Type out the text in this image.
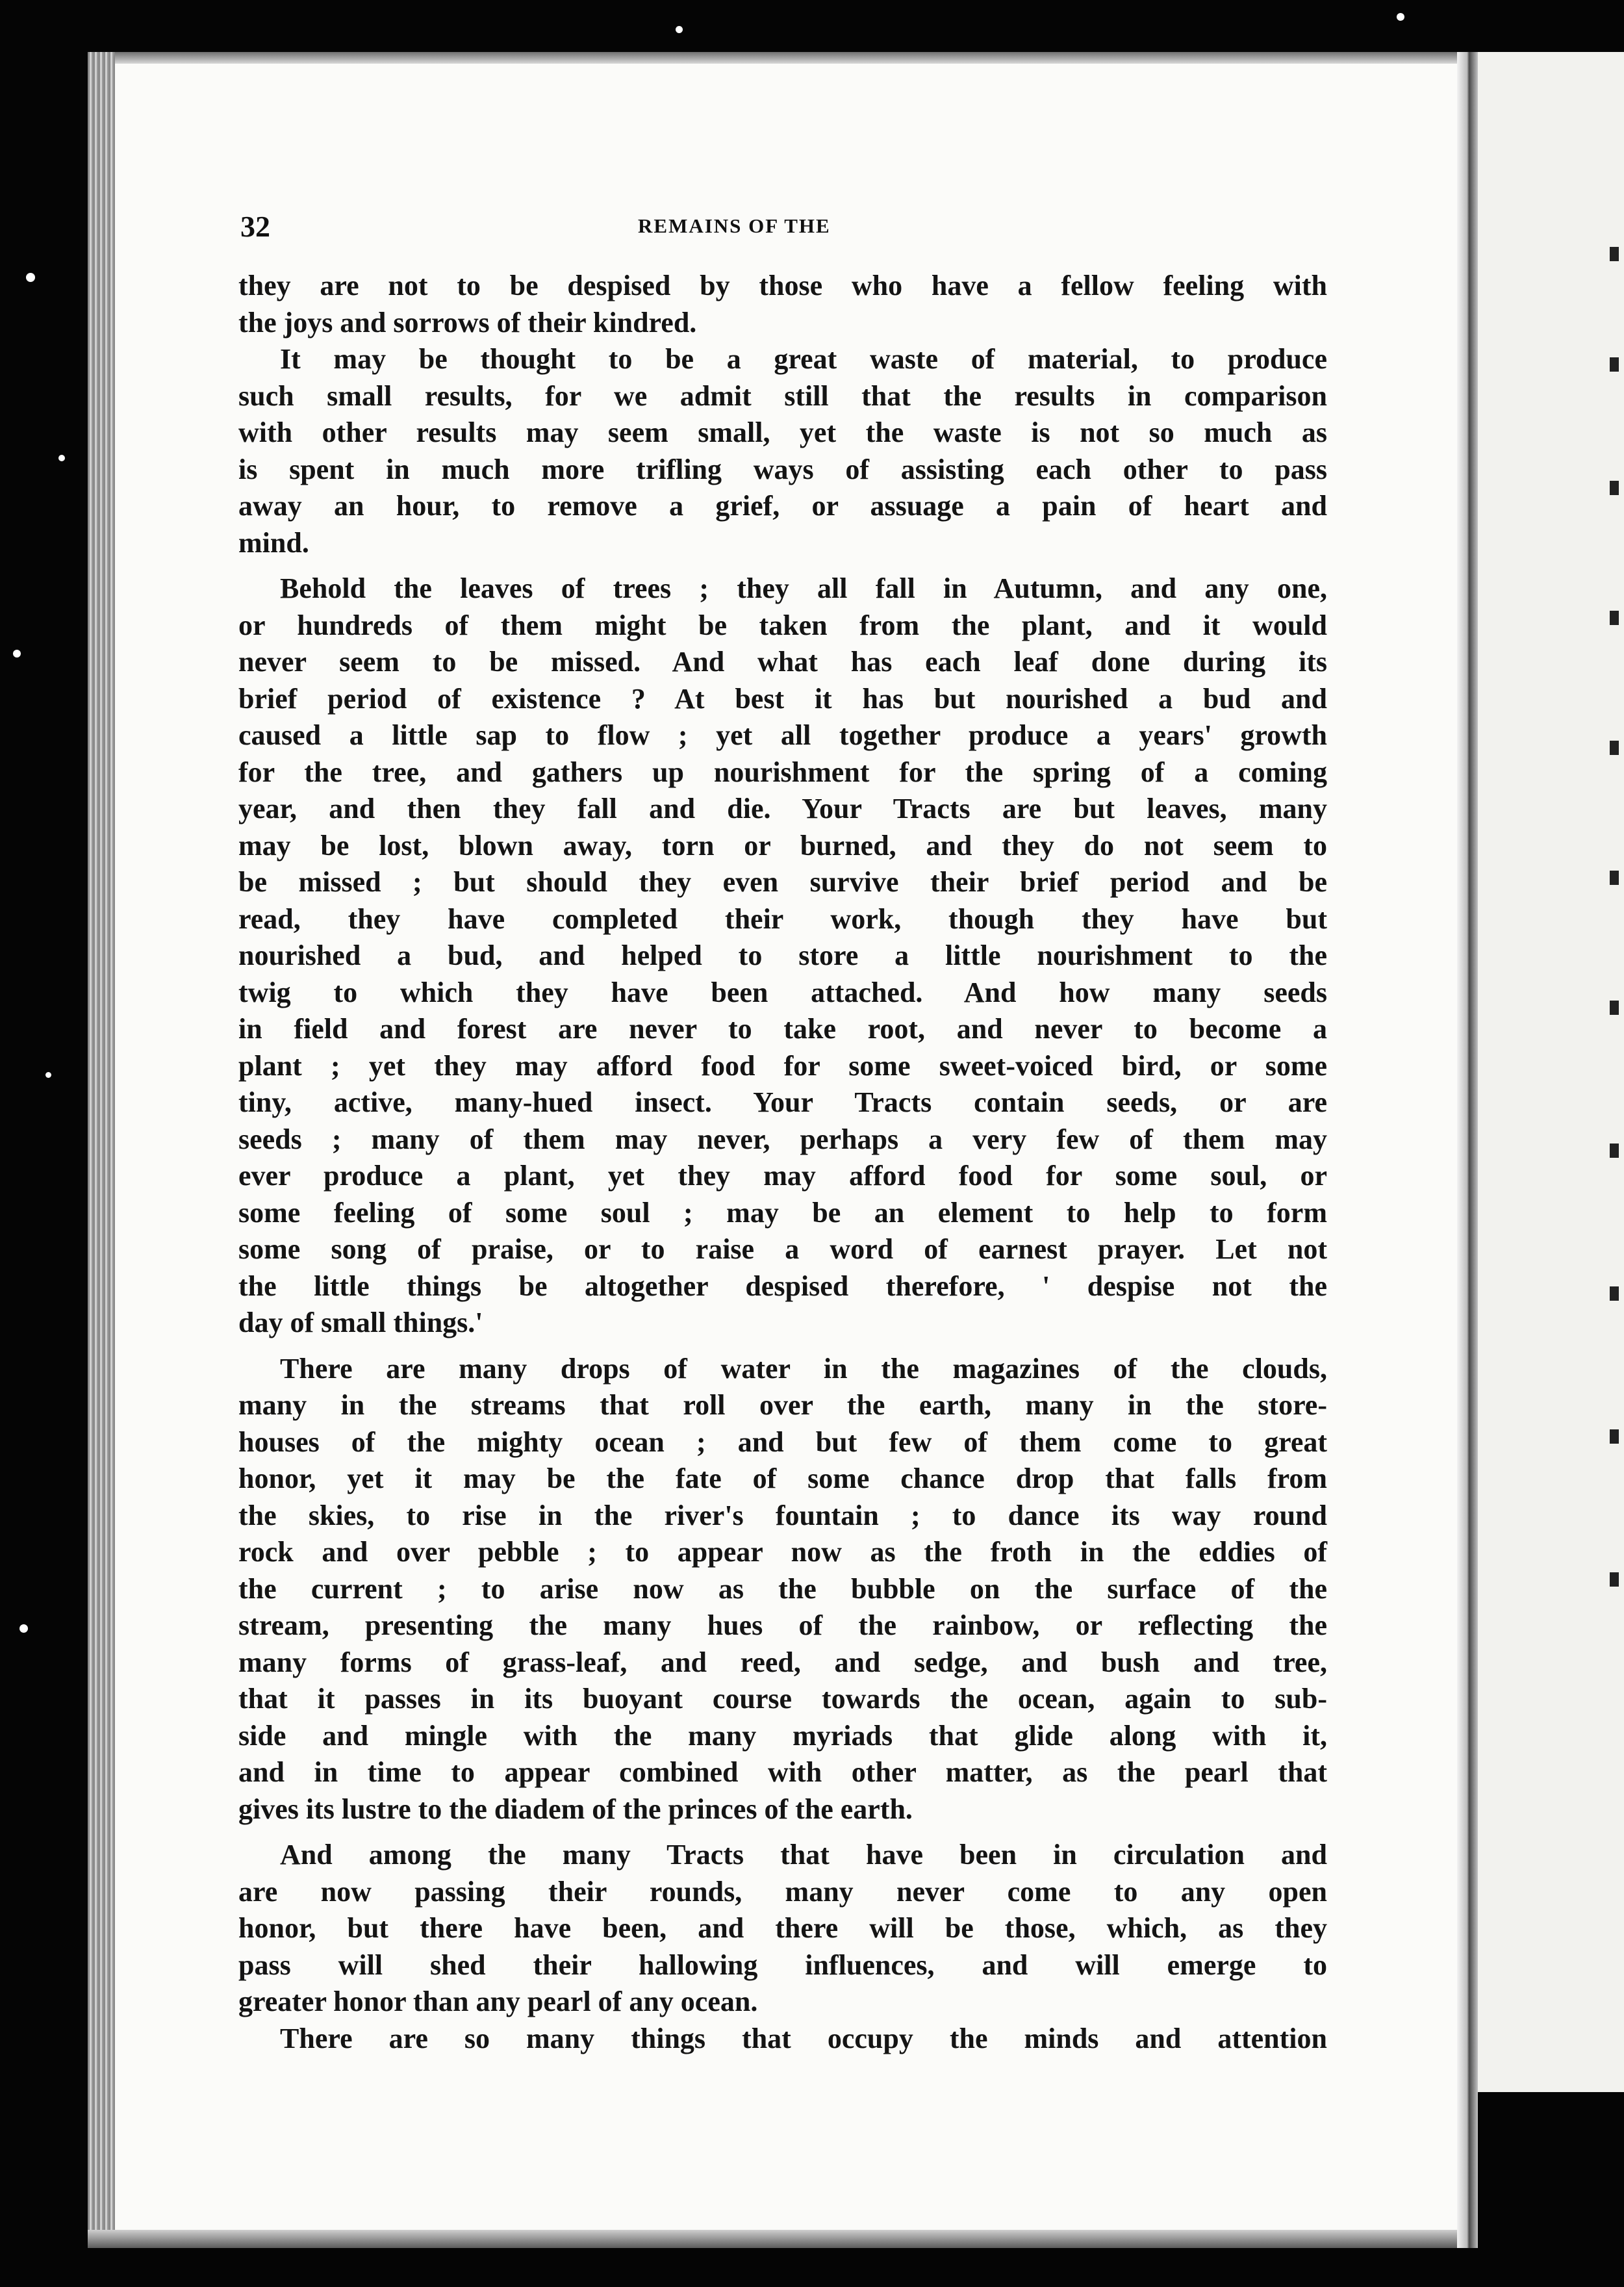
32	REMAINS OF THE
they are not to be despised by those who have a fellow feeling with
the joys and sorrows of their kindred.
It may be thought to be a great waste of material, to produce
such small results, for we admit still that the results in comparison
with other results may seem small, yet the waste is not so much as
is spent in much more trifling ways of assisting each other to pass
away an hour, to remove a grief, or assuage a pain of heart and
mind.
Behold the leaves of trees ; they all fall in Autumn, and any one,
or hundreds of them might be taken from the plant, and it would
never seem to be missed. And what has each leaf done during its
brief period of existence ? At best it has but nourished a bud and
caused a little sap to flow ; yet all together produce a years' growth
for the tree, and gathers up nourishment for the spring of a coming
year, and then they fall and die. Your Tracts are but leaves, many
may be lost, blown away, torn or burned, and they do not seem to
be missed ; but should they even survive their brief period and be
read, they have completed their work, though they have but
nourished a bud, and helped to store a little nourishment to the
twig to which they have been attached. And how many seeds
in field and forest are never to take root, and never to become a
plant ; yet they may afford food for some sweet-voiced bird, or some
tiny, active, many-hued insect. Your Tracts contain seeds, or are
seeds ; many of them may never, perhaps a very few of them may
ever produce a plant, yet they may afford food for some soul, or
some feeling of some soul ; may be an element to help to form
some song of praise, or to raise a word of earnest prayer. Let not
the little things be altogether despised therefore, ' despise not the
day of small things.'
There are many drops of water in the magazines of the clouds,
many in the streams that roll over the earth, many in the store-
houses of the mighty ocean ; and but few of them come to great
honor, yet it may be the fate of some chance drop that falls from
the skies, to rise in the river's fountain ; to dance its way round
rock and over pebble ; to appear now as the froth in the eddies of
the current ; to arise now as the bubble on the surface of the
stream, presenting the many hues of the rainbow, or reflecting the
many forms of grass-leaf, and reed, and sedge, and bush and tree,
that it passes in its buoyant course towards the ocean, again to sub-
side and mingle with the many myriads that glide along with it,
and in time to appear combined with other matter, as the pearl that
gives its lustre to the diadem of the princes of the earth.
And among the many Tracts that have been in circulation and
are now passing their rounds, many never come to any open
honor, but there have been, and there will be those, which, as they
pass will shed their hallowing influences, and will emerge to
greater honor than any pearl of any ocean.
There are so many things that occupy the minds and attention
